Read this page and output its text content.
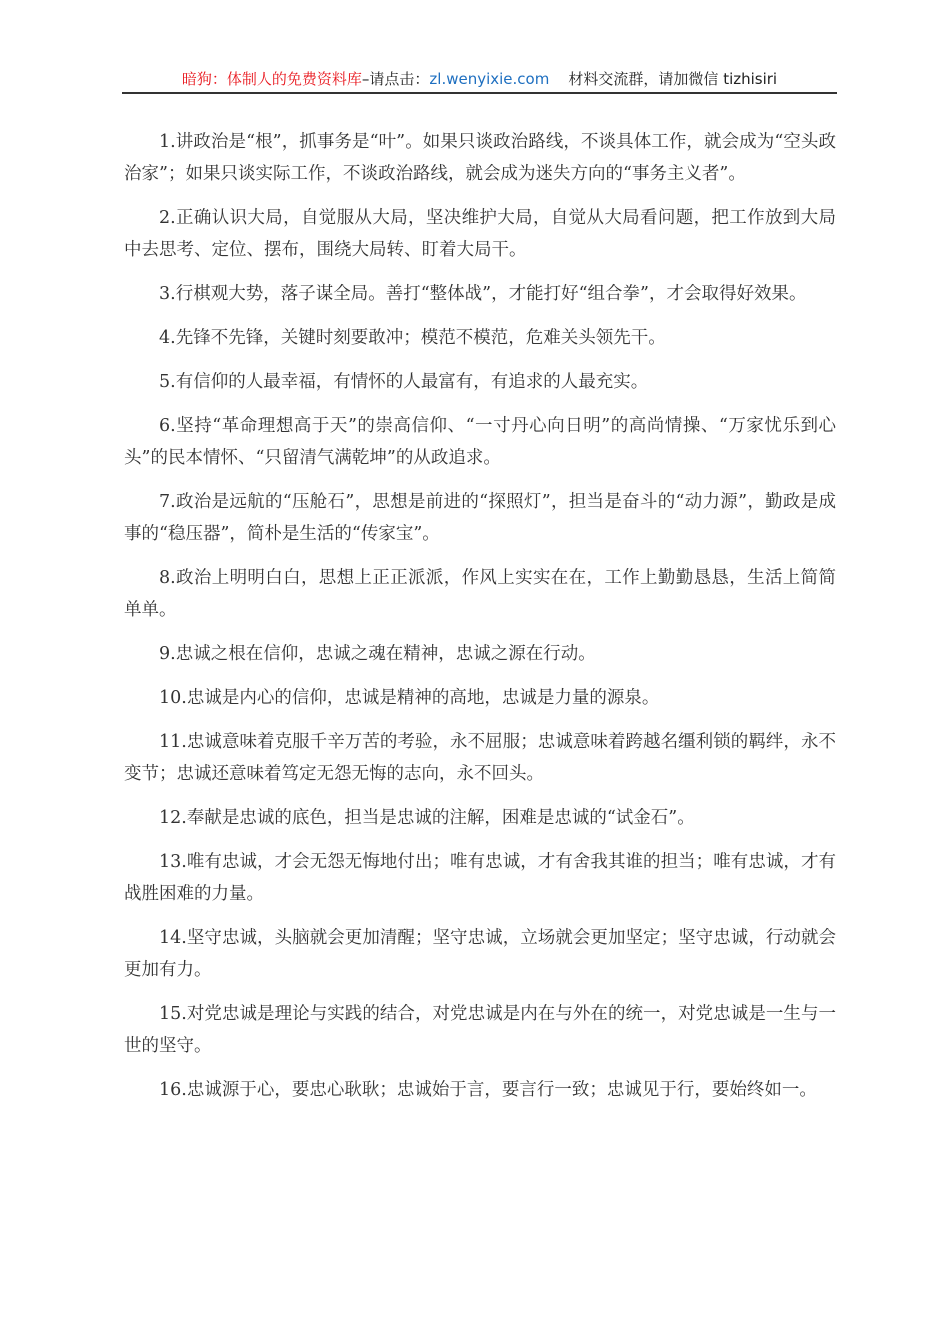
暗狗：体制人的免费资料库–请点击：zl.wenyixie.com 材料交流群，请加微信 tizhisiri

1.讲政治是“根”，抓事务是“叶”。如果只谈政治路线，不谈具体工作，就会成为“空头政治家”；如果只谈实际工作，不谈政治路线，就会成为迷失方向的“事务主义者”。

2.正确认识大局，自觉服从大局，坚决维护大局，自觉从大局看问题，把工作放到大局中去思考、定位、摆布，围绕大局转、盯着大局干。

3.行棋观大势，落子谋全局。善打“整体战”，才能打好“组合拳”，才会取得好效果。

4.先锋不先锋，关键时刻要敢冲；模范不模范，危难关头领先干。

5.有信仰的人最幸福，有情怀的人最富有，有追求的人最充实。

6.坚持“革命理想高于天”的崇高信仰、“一寸丹心向日明”的高尚情操、“万家忧乐到心头”的民本情怀、“只留清气满乾坤”的从政追求。

7.政治是远航的“压舱石”，思想是前进的“探照灯”，担当是奋斗的“动力源”，勤政是成事的“稳压器”，简朴是生活的“传家宝”。

8.政治上明明白白，思想上正正派派，作风上实实在在，工作上勤勤恳恳，生活上简简单单。

9.忠诚之根在信仰，忠诚之魂在精神，忠诚之源在行动。

10.忠诚是内心的信仰，忠诚是精神的高地，忠诚是力量的源泉。

11.忠诚意味着克服千辛万苦的考验，永不屈服；忠诚意味着跨越名缰利锁的羁绊，永不变节；忠诚还意味着笃定无怨无悔的志向，永不回头。

12.奉献是忠诚的底色，担当是忠诚的注解，困难是忠诚的“试金石”。

13.唯有忠诚，才会无怨无悔地付出；唯有忠诚，才有舍我其谁的担当；唯有忠诚，才有战胜困难的力量。

14.坚守忠诚，头脑就会更加清醒；坚守忠诚，立场就会更加坚定；坚守忠诚，行动就会更加有力。

15.对党忠诚是理论与实践的结合，对党忠诚是内在与外在的统一，对党忠诚是一生与一世的坚守。

16.忠诚源于心，要忠心耿耿；忠诚始于言，要言行一致；忠诚见于行，要始终如一。
